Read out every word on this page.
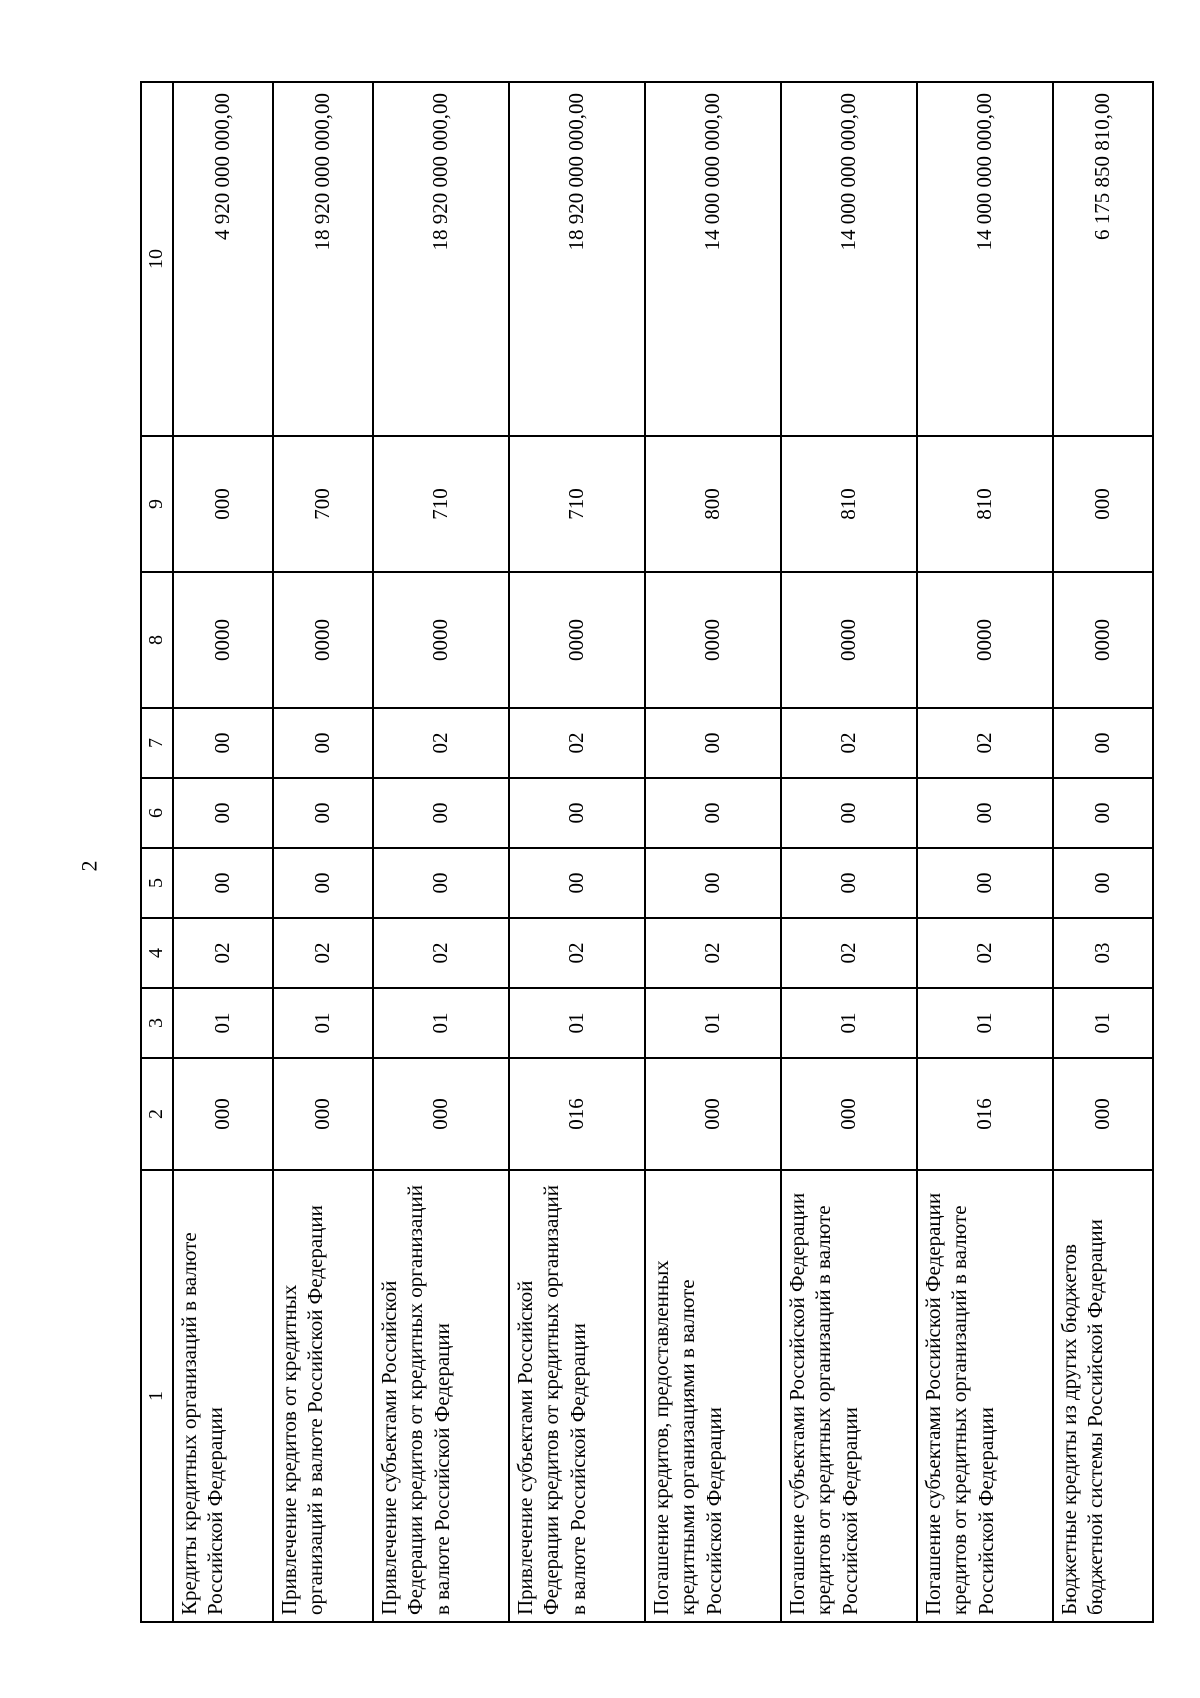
2
1	2	3	4	5	6	7	8	9	10
Кредиты кредитных организаций в валюте Российской Федерации	000	01	02	00	00	00	0000	000	4 920 000 000,00
Привлечение кредитов от кредитных организаций в валюте Российской Федерации	000	01	02	00	00	00	0000	700	18 920 000 000,00
Привлечение субъектами Российской Федерации кредитов от кредитных организаций в валюте Российской Федерации	000	01	02	00	00	02	0000	710	18 920 000 000,00
Привлечение субъектами Российской Федерации кредитов от кредитных организаций в валюте Российской Федерации	016	01	02	00	00	02	0000	710	18 920 000 000,00
Погашение кредитов, предоставленных кредитными организациями в валюте Российской Федерации	000	01	02	00	00	00	0000	800	14 000 000 000,00
Погашение субъектами Российской Федерации кредитов от кредитных организаций в валюте Российской Федерации	000	01	02	00	00	02	0000	810	14 000 000 000,00
Погашение субъектами Российской Федерации кредитов от кредитных организаций в валюте Российской Федерации	016	01	02	00	00	02	0000	810	14 000 000 000,00
Бюджетные кредиты из других бюджетов бюджетной системы Российской Федерации	000	01	03	00	00	00	0000	000	6 175 850 810,00
